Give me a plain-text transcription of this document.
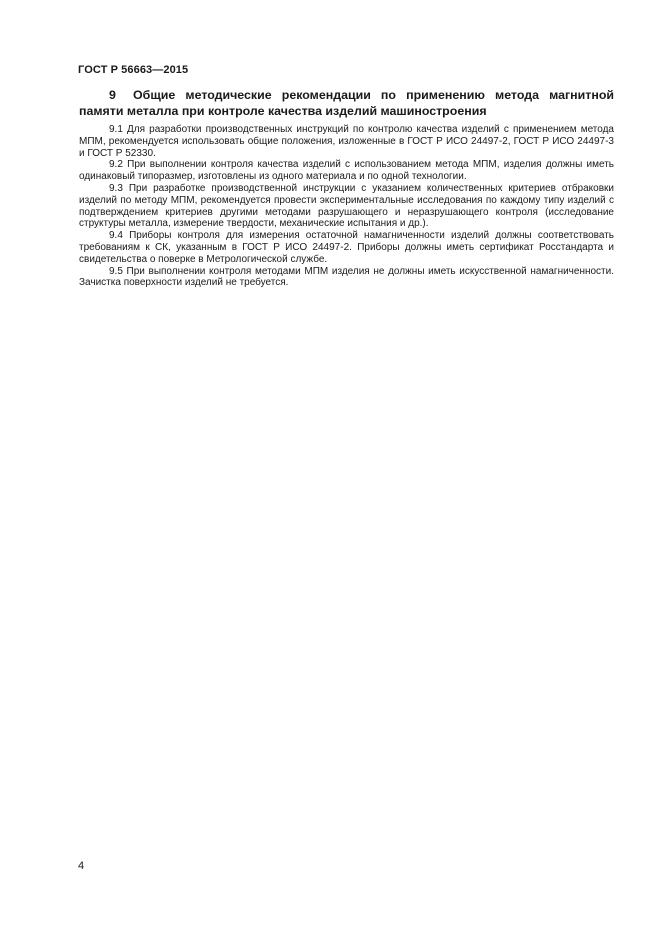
ГОСТ Р 56663—2015
9 Общие методические рекомендации по применению метода магнитной памяти металла при контроле качества изделий машиностроения

9.1 Для разработки производственных инструкций по контролю качества изделий с применением метода МПМ, рекомендуется использовать общие положения, изложенные в ГОСТ Р ИСО 24497-2, ГОСТ Р ИСО 24497-3 и ГОСТ Р 52330.

9.2 При выполнении контроля качества изделий с использованием метода МПМ, изделия должны иметь одинаковый типоразмер, изготовлены из одного материала и по одной технологии.

9.3 При разработке производственной инструкции с указанием количественных критериев отбраковки изделий по методу МПМ, рекомендуется провести экспериментальные исследования по каждому типу изделий с подтверждением критериев другими методами разрушающего и неразрушающего контроля (исследование структуры металла, измерение твердости, механические испытания и др.).

9.4 Приборы контроля для измерения остаточной намагниченности изделий должны соответствовать требованиям к СК, указанным в ГОСТ Р ИСО 24497-2. Приборы должны иметь сертификат Росстандарта и свидетельства о поверке в Метрологической службе.

9.5 При выполнении контроля методами МПМ изделия не должны иметь искусственной намагниченности. Зачистка поверхности изделий не требуется.

4
